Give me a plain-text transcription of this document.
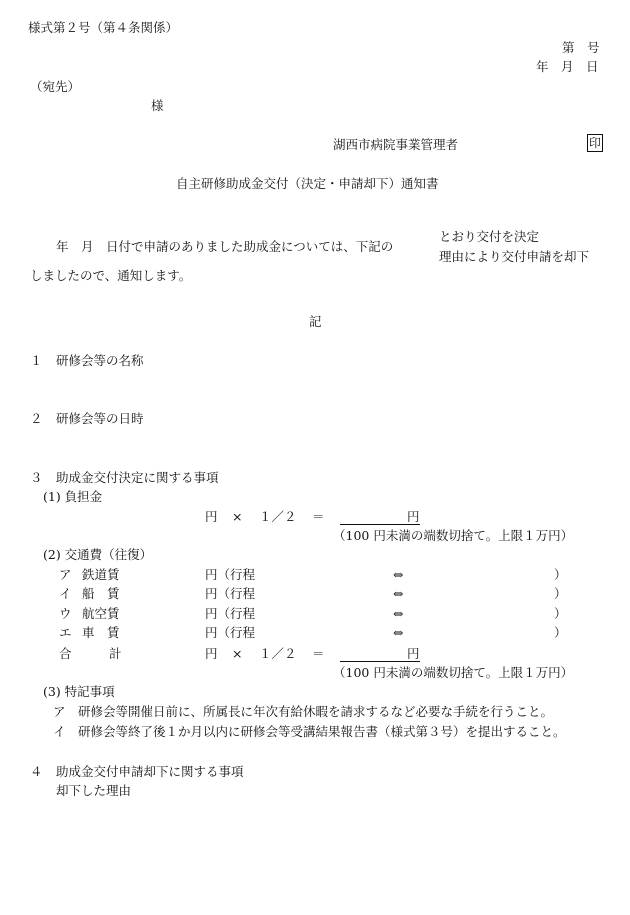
様式第２号（第４条関係）
第　号
年　月　日
（宛先）
様
湖西市病院事業管理者	印
自主研修助成金交付（決定・申請却下）通知書
年　月　日付で申請のありました助成金については、下記の
とおり交付を決定
理由により交付申請を却下
しましたので、通知します。
記
１ 研修会等の名称
２ 研修会等の日時
３ 助成金交付決定に関する事項
(1) 負担金
円 × １／２ ＝	円
（100 円未満の端数切捨て。上限１万円）
(2) 交通費（往復）
ア 鉄道賃	円（行程	⇔	）
イ 船　賃	円（行程	⇔	）
ウ 航空賃	円（行程	⇔	）
エ 車　賃	円（行程	⇔	）
合　　　計	円 × １／２ ＝	円
（100 円未満の端数切捨て。上限１万円）
(3) 特記事項
ア　研修会等開催日前に、所属長に年次有給休暇を請求するなど必要な手続を行うこと。
イ　研修会等終了後１か月以内に研修会等受講結果報告書（様式第３号）を提出すること。
４ 助成金交付申請却下に関する事項
却下した理由
